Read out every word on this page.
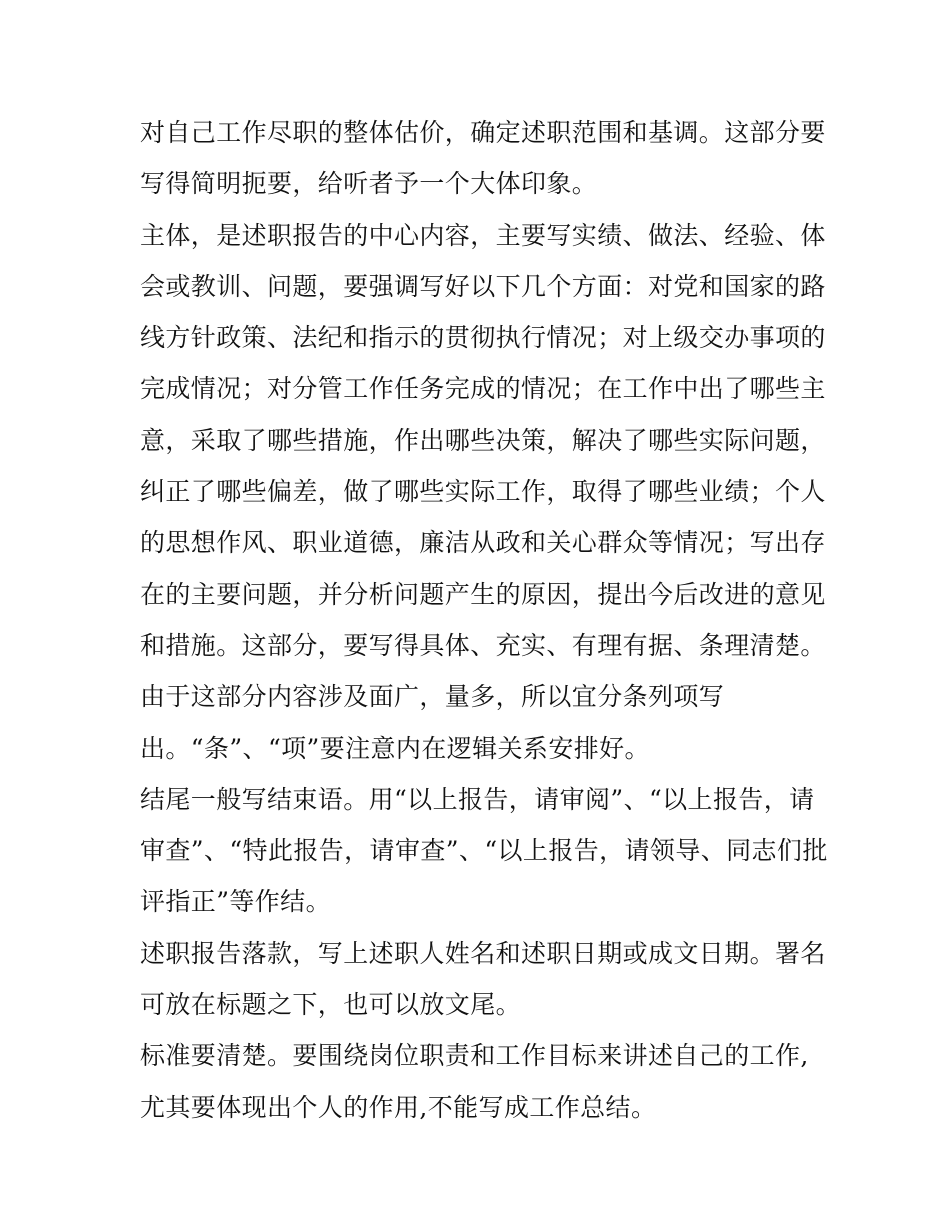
对自己工作尽职的整体估价，确定述职范围和基调。这部分要
写得简明扼要，给听者予一个大体印象。
主体，是述职报告的中心内容，主要写实绩、做法、经验、体
会或教训、问题，要强调写好以下几个方面：对党和国家的路
线方针政策、法纪和指示的贯彻执行情况；对上级交办事项的
完成情况；对分管工作任务完成的情况；在工作中出了哪些主
意，采取了哪些措施，作出哪些决策，解决了哪些实际问题，
纠正了哪些偏差，做了哪些实际工作，取得了哪些业绩；个人
的思想作风、职业道德，廉洁从政和关心群众等情况；写出存
在的主要问题，并分析问题产生的原因，提出今后改进的意见
和措施。这部分，要写得具体、充实、有理有据、条理清楚。
由于这部分内容涉及面广，量多，所以宜分条列项写
出。“条”、“项”要注意内在逻辑关系安排好。
结尾一般写结束语。用“以上报告，请审阅”、“以上报告，请
审查”、“特此报告，请审查”、“以上报告，请领导、同志们批
评指正”等作结。
述职报告落款，写上述职人姓名和述职日期或成文日期。署名
可放在标题之下，也可以放文尾。
标准要清楚。要围绕岗位职责和工作目标来讲述自己的工作,
尤其要体现出个人的作用,不能写成工作总结。
